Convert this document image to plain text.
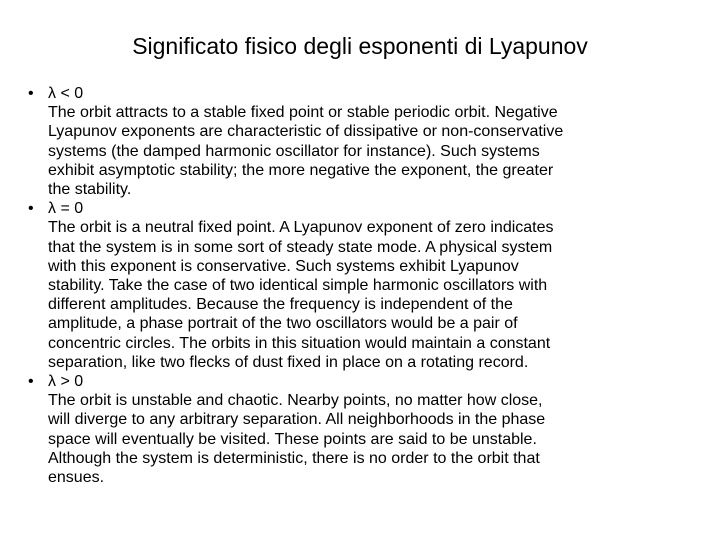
Significato fisico degli esponenti di Lyapunov
• λ < 0
The orbit attracts to a stable fixed point or stable periodic orbit. Negative
Lyapunov exponents are characteristic of dissipative or non-conservative
systems (the damped harmonic oscillator for instance). Such systems
exhibit asymptotic stability; the more negative the exponent, the greater
the stability.
• λ = 0
The orbit is a neutral fixed point. A Lyapunov exponent of zero indicates
that the system is in some sort of steady state mode. A physical system
with this exponent is conservative. Such systems exhibit Lyapunov
stability. Take the case of two identical simple harmonic oscillators with
different amplitudes. Because the frequency is independent of the
amplitude, a phase portrait of the two oscillators would be a pair of
concentric circles. The orbits in this situation would maintain a constant
separation, like two flecks of dust fixed in place on a rotating record.
• λ > 0
The orbit is unstable and chaotic. Nearby points, no matter how close,
will diverge to any arbitrary separation. All neighborhoods in the phase
space will eventually be visited. These points are said to be unstable.
Although the system is deterministic, there is no order to the orbit that
ensues.
